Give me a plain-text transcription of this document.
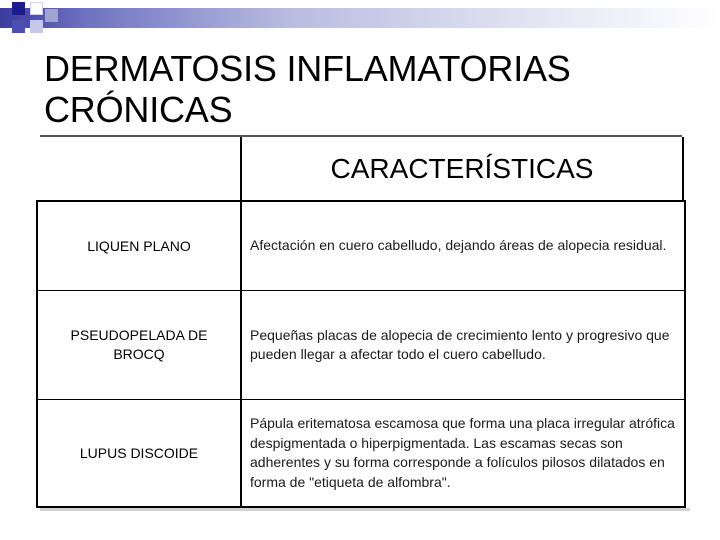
DERMATOSIS INFLAMATORIAS
CRÓNICAS
CARACTERÍSTICAS
LIQUEN PLANO	Afectación en cuero cabelludo, dejando áreas de alopecia residual.
PSEUDOPELADA DE BROCQ
Pequeñas placas de alopecia de crecimiento lento y progresivo que pueden llegar a afectar todo el cuero cabelludo.
LUPUS DISCOIDE
Pápula eritematosa escamosa que forma una placa irregular atrófica despigmentada o hiperpigmentada. Las escamas secas son adherentes y su forma corresponde a folículos pilosos dilatados en forma de "etiqueta de alfombra".
